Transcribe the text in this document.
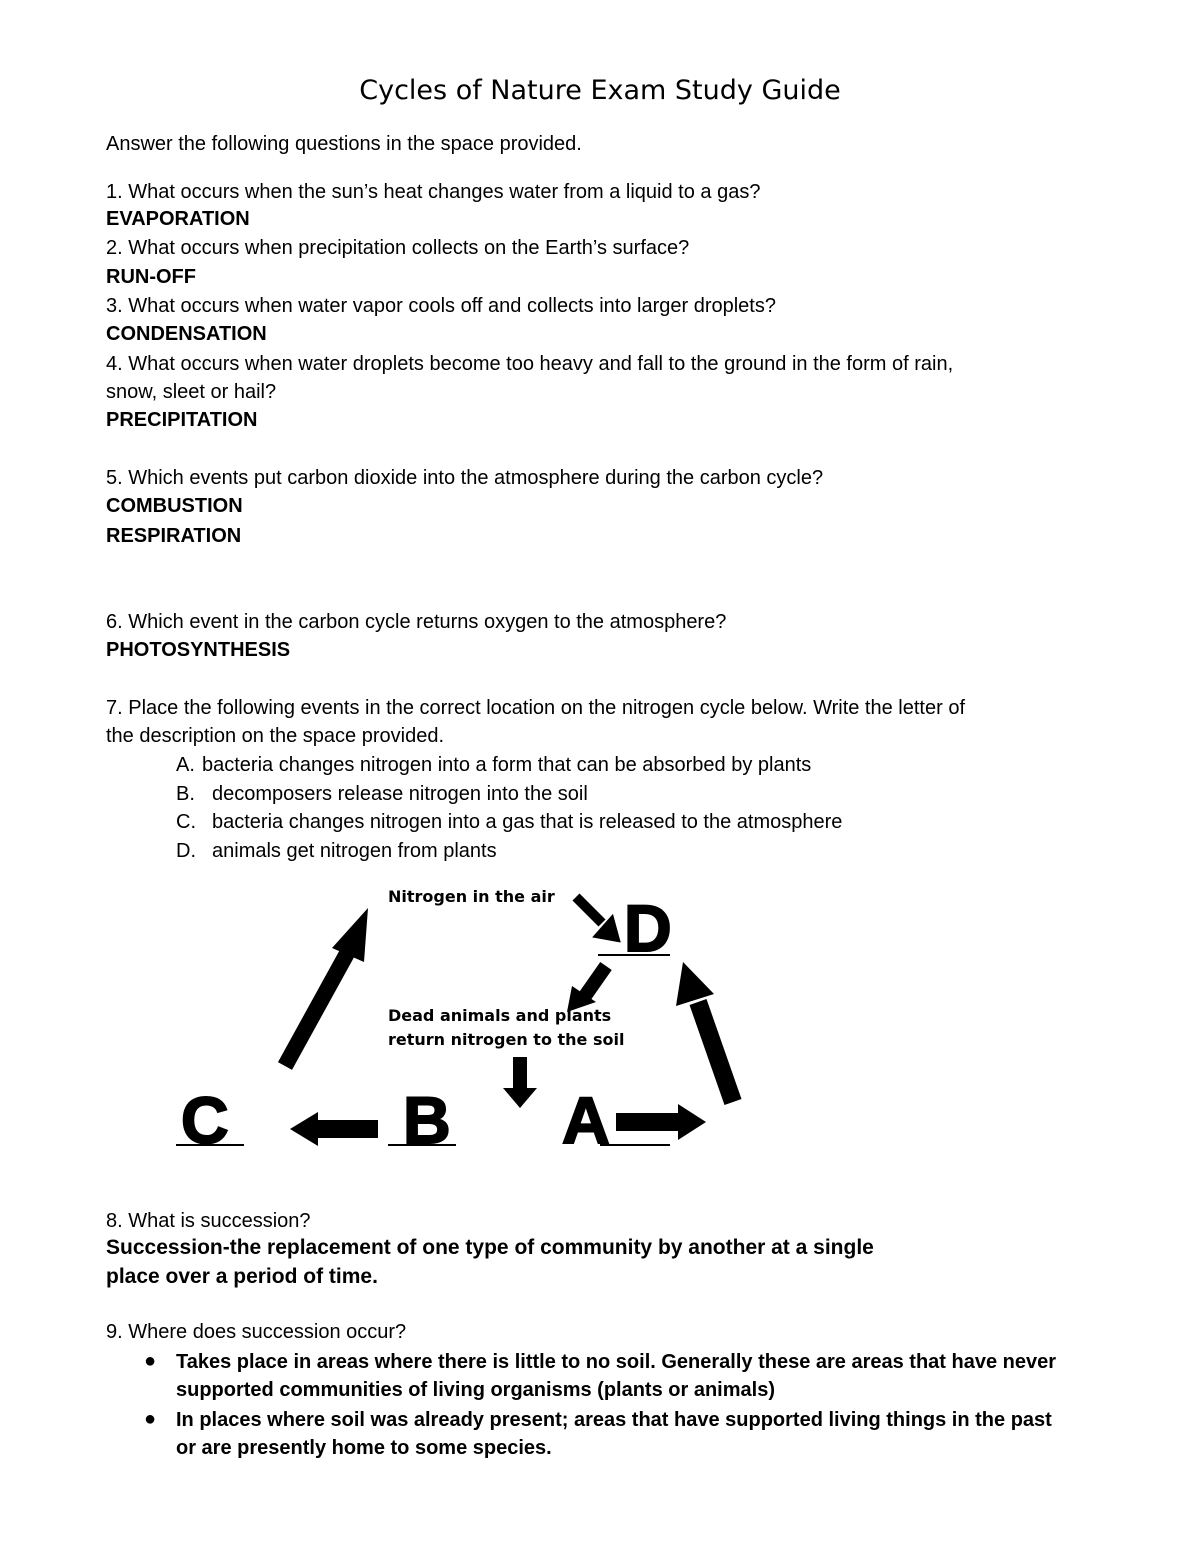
Cycles of Nature Exam Study Guide
Answer the following questions in the space provided.
1. What occurs when the sun’s heat changes water from a liquid to a gas?
EVAPORATION
2. What occurs when precipitation collects on the Earth’s surface?
RUN-OFF
3. What occurs when water vapor cools off and collects into larger droplets?
CONDENSATION
4. What occurs when water droplets become too heavy and fall to the ground in the form of rain,
snow, sleet or hail?
PRECIPITATION
5. Which events put carbon dioxide into the atmosphere during the carbon cycle?
COMBUSTION
RESPIRATION
6. Which event in the carbon cycle returns oxygen to the atmosphere?
PHOTOSYNTHESIS
7. Place the following events in the correct location on the nitrogen cycle below. Write the letter of
the description on the space provided.
A. bacteria changes nitrogen into a form that can be absorbed by plants
B. decomposers release nitrogen into the soil
C. bacteria changes nitrogen into a gas that is released to the atmosphere
D. animals get nitrogen from plants
Nitrogen in the air
Dead animals and plants
return nitrogen to the soil
D
C	B A
8. What is succession?
Succession-the replacement of one type of community by another at a single
place over a period of time.
9. Where does succession occur?
● Takes place in areas where there is little to no soil. Generally these are areas that have never
supported communities of living organisms (plants or animals)
● In places where soil was already present; areas that have supported living things in the past
or are presently home to some species.
